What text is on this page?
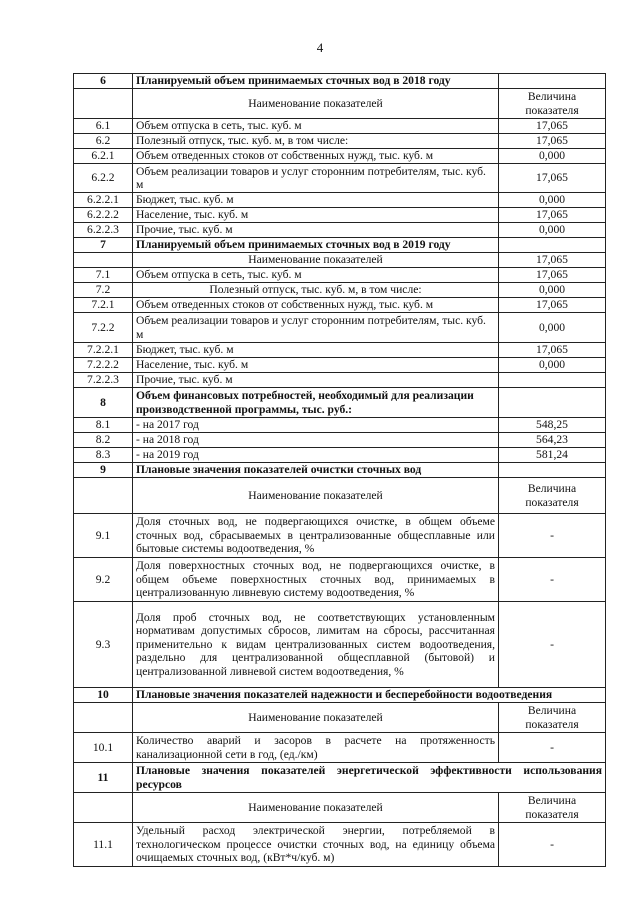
4
6	Планируемый объем принимаемых сточных вод в 2018 году	
	Наименование показателей	Величина показателя
6.1	Объем отпуска в сеть, тыс. куб. м	17,065
6.2	Полезный отпуск, тыс. куб. м, в том числе:	17,065
6.2.1	Объем отведенных стоков от собственных нужд, тыс. куб. м	0,000
6.2.2	Объем реализации товаров и услуг сторонним потребителям, тыс. куб. м	17,065
6.2.2.1	Бюджет, тыс. куб. м	0,000
6.2.2.2	Население, тыс. куб. м	17,065
6.2.2.3	Прочие, тыс. куб. м	0,000
7	Планируемый объем принимаемых сточных вод в 2019 году	
	Наименование показателей	17,065
7.1	Объем отпуска в сеть, тыс. куб. м	17,065
7.2	Полезный отпуск, тыс. куб. м, в том числе:	0,000
7.2.1	Объем отведенных стоков от собственных нужд, тыс. куб. м	17,065
7.2.2	Объем реализации товаров и услуг сторонним потребителям, тыс. куб. м	0,000
7.2.2.1	Бюджет, тыс. куб. м	17,065
7.2.2.2	Население, тыс. куб. м	0,000
7.2.2.3	Прочие, тыс. куб. м	
8	Объем финансовых потребностей, необходимый для реализации производственной программы, тыс. руб.:	
8.1	- на 2017 год	548,25
8.2	- на 2018 год	564,23
8.3	- на 2019 год	581,24
9	Плановые значения показателей очистки сточных вод	
	Наименование показателей	Величина показателя
9.1	Доля сточных вод, не подвергающихся очистке, в общем объеме сточных вод, сбрасываемых в централизованные общесплавные или бытовые системы водоотведения, %	-
9.2	Доля поверхностных сточных вод, не подвергающихся очистке, в общем объеме поверхностных сточных вод, принимаемых в централизованную ливневую систему водоотведения, %	-
9.3	Доля проб сточных вод, не соответствующих установленным нормативам допустимых сбросов, лимитам на сбросы, рассчитанная применительно к видам централизованных систем водоотведения, раздельно для централизованной общесплавной (бытовой) и централизованной ливневой систем водоотведения, %	-
10	Плановые значения показателей надежности и бесперебойности водоотведения	
	Наименование показателей	Величина показателя
10.1	Количество аварий и засоров в расчете на протяженность канализационной сети в год, (ед./км)	-
11	Плановые значения показателей энергетической эффективности использования ресурсов	
	Наименование показателей	Величина показателя
11.1	Удельный расход электрической энергии, потребляемой в технологическом процессе очистки сточных вод, на единицу объема очищаемых сточных вод, (кВт*ч/куб. м)	-
